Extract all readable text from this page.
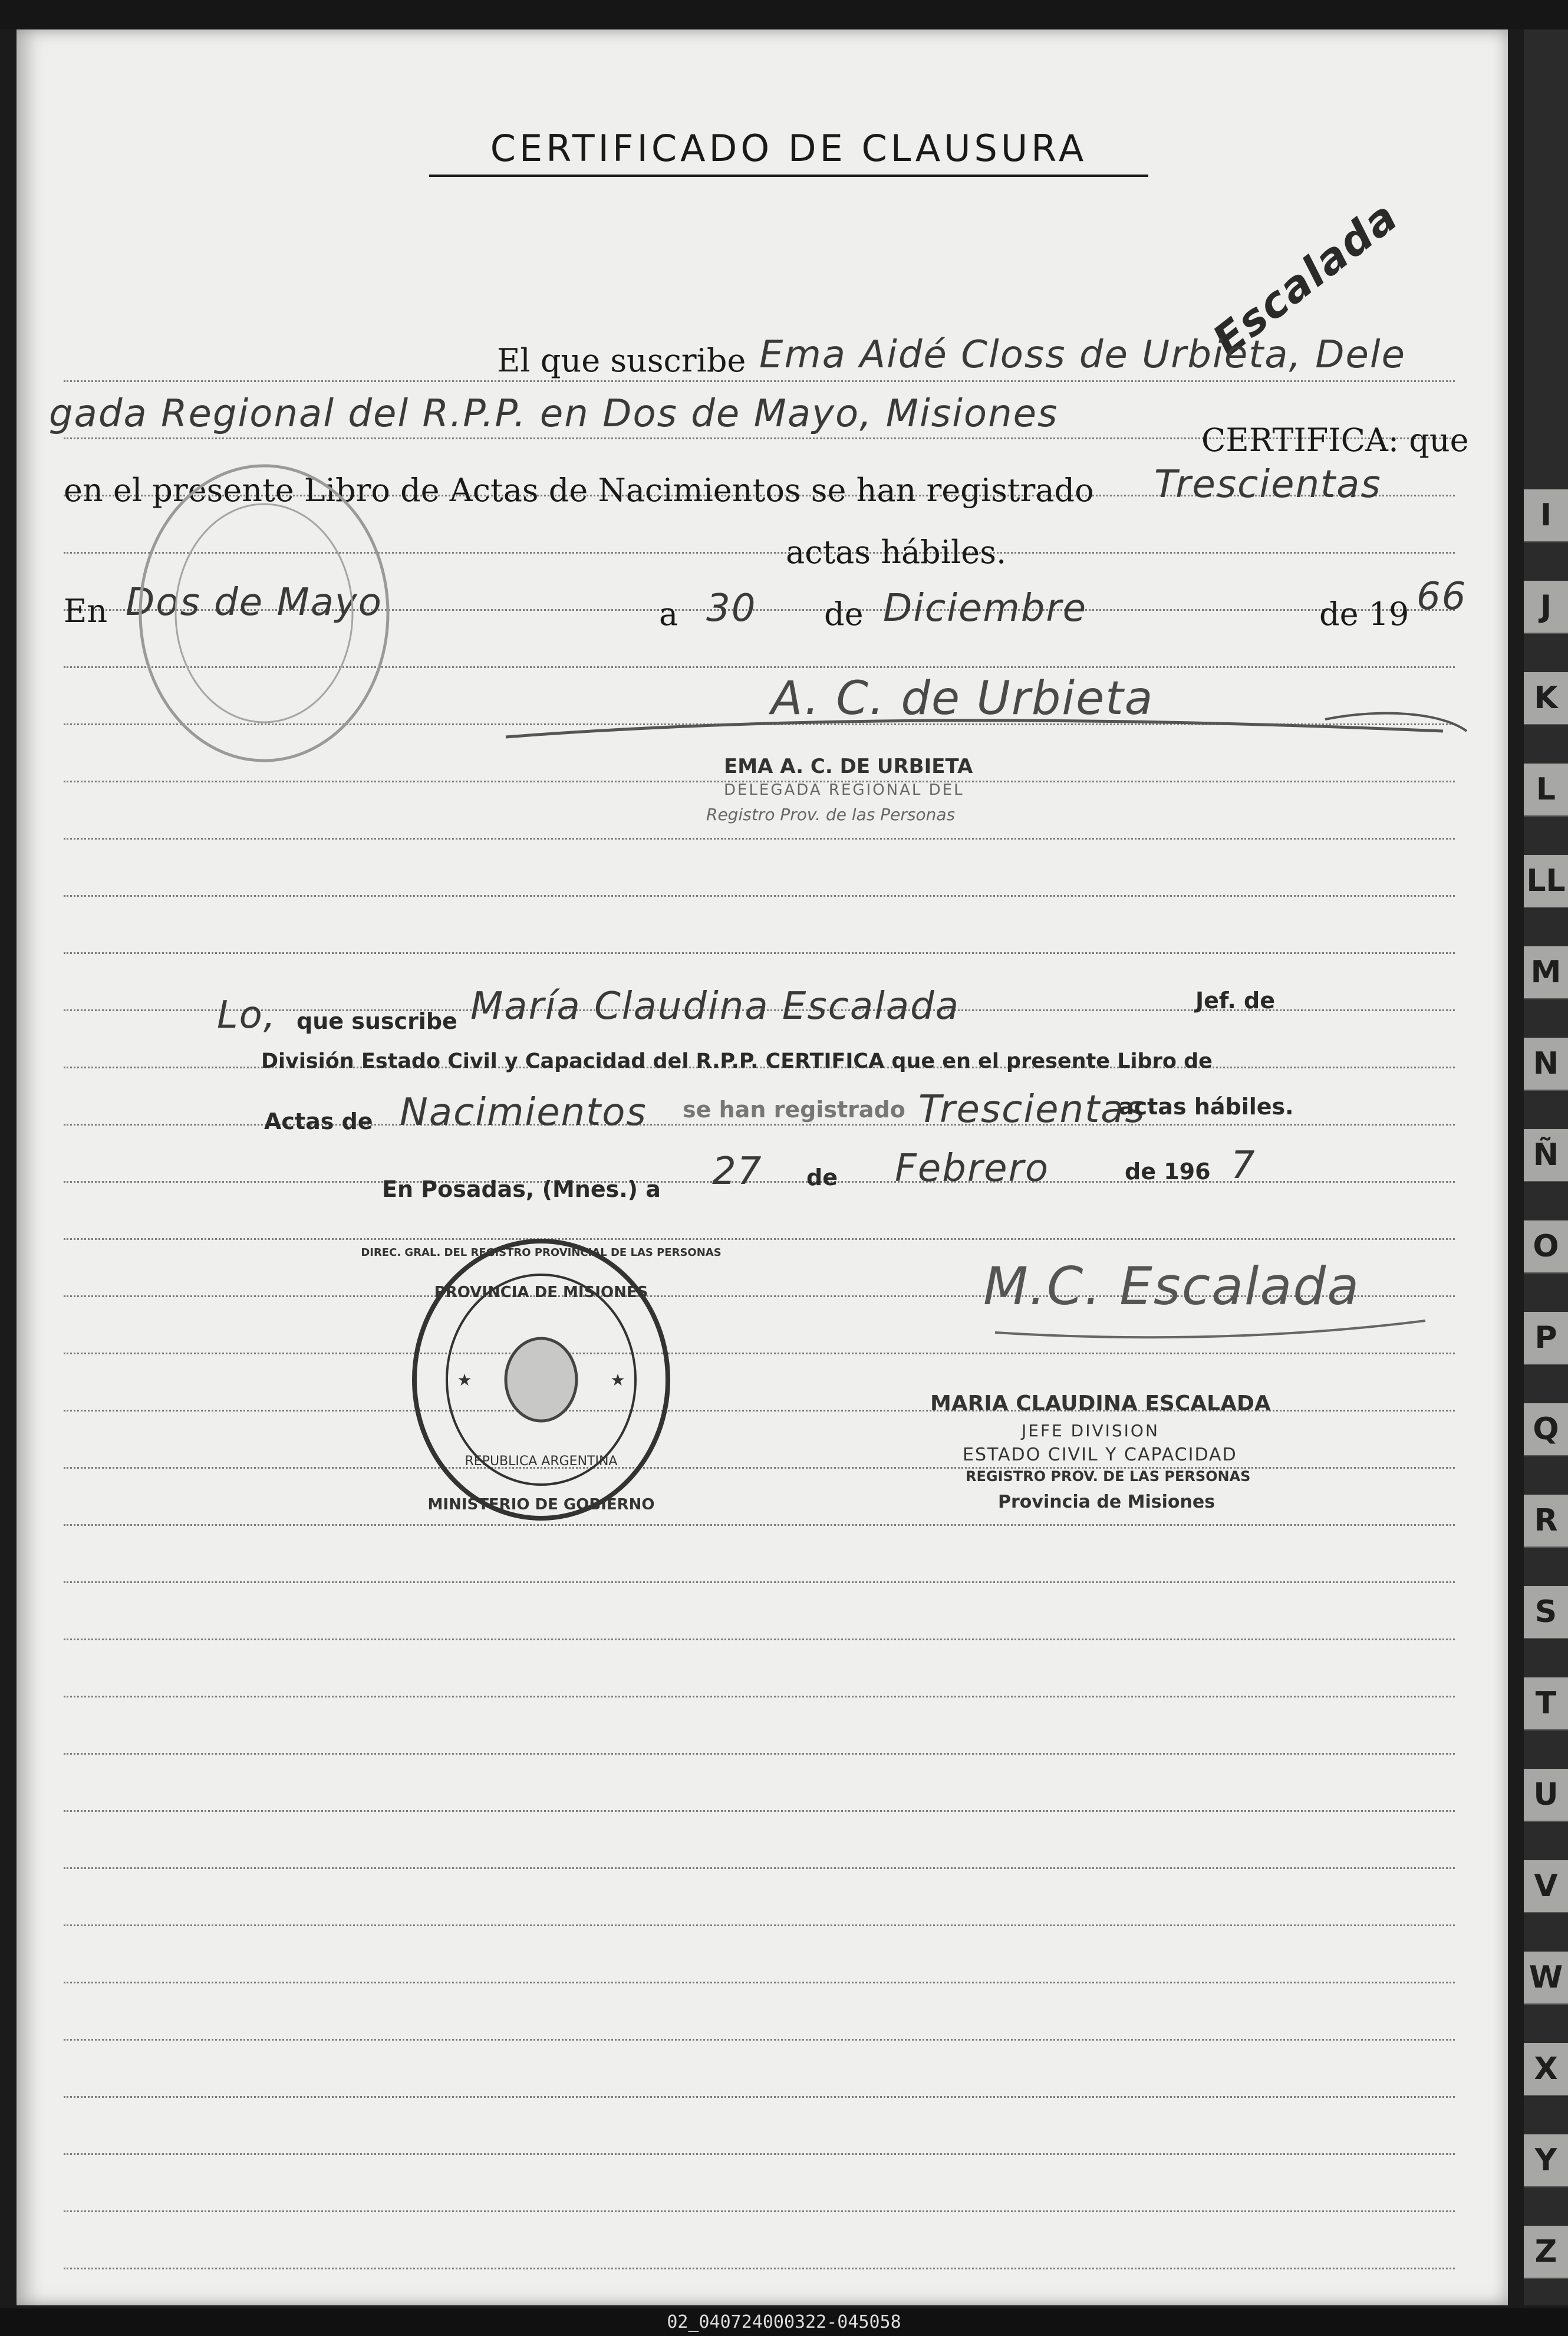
CERTIFICADO DE CLAUSURA
Escalada
El que suscribe Ema Aidé Closs de Urbieta, Dele
gada Regional del R.P.P. en Dos de Mayo, Misiones
CERTIFICA: que
en el presente Libro de Actas de Nacimientos se han registrado Trescientas
actas hábiles.
En Dos de Mayo	a 30 de Diciembre	de 19 66
A. C. de Urbieta
EMA A. C. DE URBIETA
DELEGADA REGIONAL DEL
Registro Prov. de las Personas
Lo, que suscribe María Claudina Escalada	Jef. de
División Estado Civil y Capacidad del R.P.P. CERTIFICA que en el presente Libro de
Actas de Nacimientos se han registrado Trescientas
actas hábiles.
En Posadas, (Mnes.) a 27 de Febrero	de 196 7
M.C. Escalada
MARIA CLAUDINA ESCALADA
JEFE DIVISION
ESTADO CIVIL Y CAPACIDAD
REGISTRO PROV. DE LAS PERSONAS
Provincia de Misiones
PROVINCIA DE MISIONES
MINISTERIO DE GOBIERNO
DIREC. GRAL. DEL REGISTRO PROVINCIAL DE LAS PERSONAS
REPUBLICA ARGENTINA
★	★
I
J
K
L
LL
M
N
Ñ
O
P
Q
R
S
T
U
V
W
X
Y
Z
02_040724000322-045058
